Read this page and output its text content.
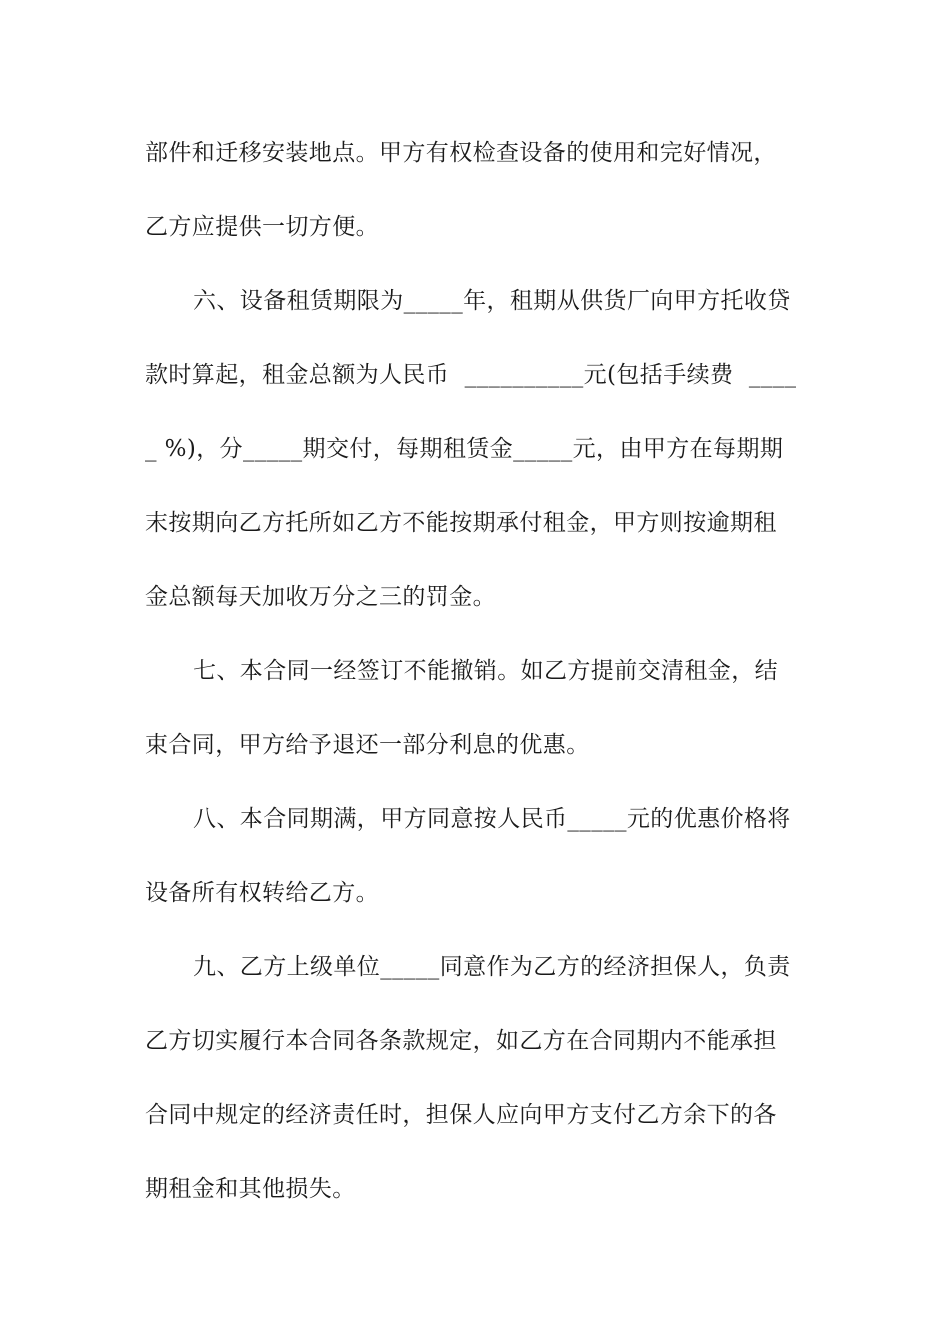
部件和迁移安装地点。甲方有权检查设备的使用和完好情况，
乙方应提供一切方便。
六、设备租赁期限为_____年，租期从供货厂向甲方托收贷
款时算起，租金总额为人民币  __________元(包括手续费  ____
_ %)，分_____期交付，每期租赁金_____元，由甲方在每期期
末按期向乙方托所如乙方不能按期承付租金，甲方则按逾期租
金总额每天加收万分之三的罚金。
七、本合同一经签订不能撤销。如乙方提前交清租金，结
束合同，甲方给予退还一部分利息的优惠。
八、本合同期满，甲方同意按人民币_____元的优惠价格将
设备所有权转给乙方。
九、乙方上级单位_____同意作为乙方的经济担保人，负责
乙方切实履行本合同各条款规定，如乙方在合同期内不能承担
合同中规定的经济责任时，担保人应向甲方支付乙方余下的各
期租金和其他损失。
